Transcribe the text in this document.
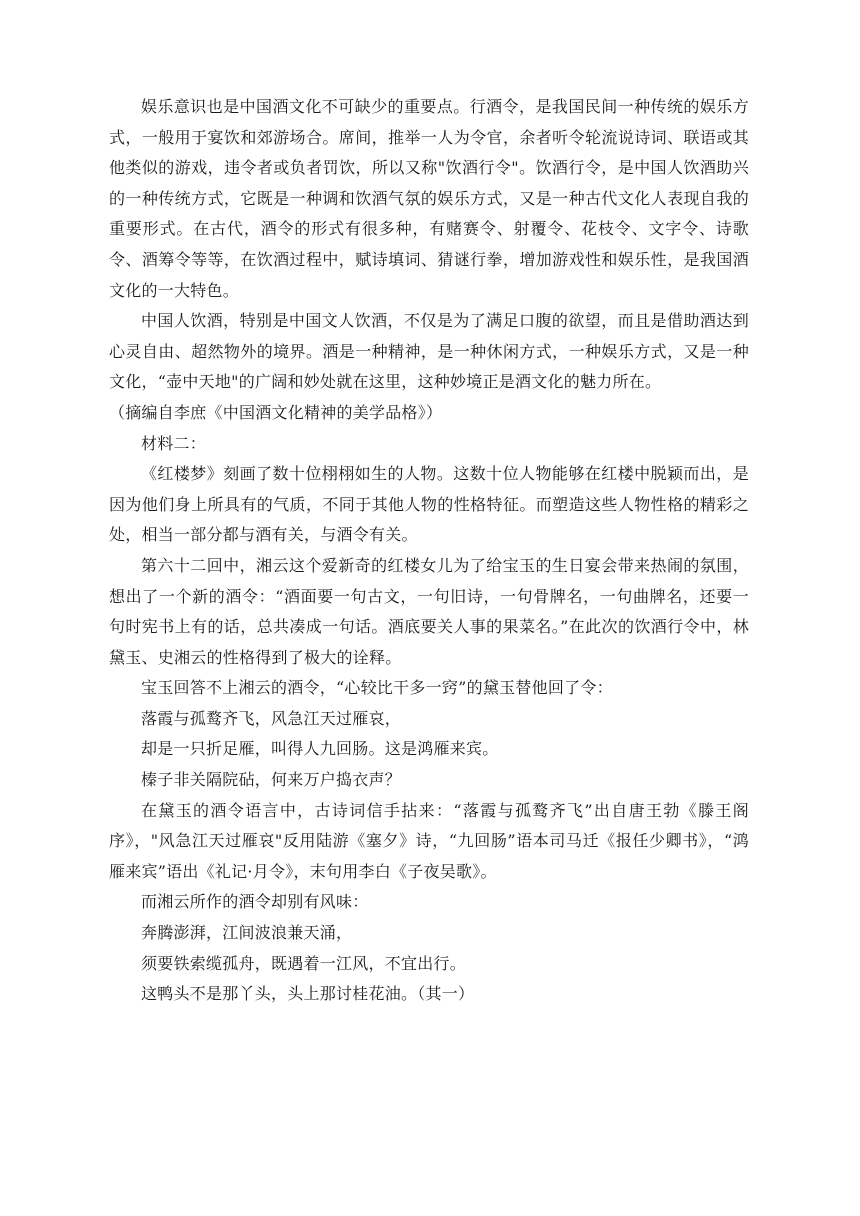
娱乐意识也是中国酒文化不可缺少的重要点。行酒令，是我国民间一种传统的娱乐方式，一般用于宴饮和郊游场合。席间，推举一人为令官，余者听令轮流说诗词、联语或其他类似的游戏，违令者或负者罚饮，所以又称"饮酒行令"。饮酒行令，是中国人饮酒助兴的一种传统方式，它既是一种调和饮酒气氛的娱乐方式，又是一种古代文化人表现自我的重要形式。在古代，酒令的形式有很多种，有赌赛令、射覆令、花枝令、文字令、诗歌令、酒筹令等等，在饮酒过程中，赋诗填词、猜谜行拳，增加游戏性和娱乐性，是我国酒文化的一大特色。

中国人饮酒，特别是中国文人饮酒，不仅是为了满足口腹的欲望，而且是借助酒达到心灵自由、超然物外的境界。酒是一种精神，是一种休闲方式，一种娱乐方式，又是一种文化，“壶中天地"的广阔和妙处就在这里，这种妙境正是酒文化的魅力所在。

（摘编自李庶《中国酒文化精神的美学品格》）

材料二：

《红楼梦》刻画了数十位栩栩如生的人物。这数十位人物能够在红楼中脱颖而出，是因为他们身上所具有的气质，不同于其他人物的性格特征。而塑造这些人物性格的精彩之处，相当一部分都与酒有关，与酒令有关。

第六十二回中，湘云这个爱新奇的红楼女儿为了给宝玉的生日宴会带来热闹的氛围，想出了一个新的酒令：“酒面要一句古文，一句旧诗，一句骨牌名，一句曲牌名，还要一句时宪书上有的话，总共凑成一句话。酒底要关人事的果菜名。”在此次的饮酒行令中，林黛玉、史湘云的性格得到了极大的诠释。

宝玉回答不上湘云的酒令，“心较比干多一窍”的黛玉替他回了令：

落霞与孤鹜齐飞，风急江天过雁哀，

却是一只折足雁，叫得人九回肠。这是鸿雁来宾。

榛子非关隔院砧，何来万户捣衣声？

在黛玉的酒令语言中，古诗词信手拈来：“落霞与孤鹜齐飞”出自唐王勃《滕王阁序》，"风急江天过雁哀"反用陆游《塞夕》诗，“九回肠”语本司马迁《报任少卿书》，“鸿雁来宾”语出《礼记·月令》，末句用李白《子夜吴歌》。

而湘云所作的酒令却别有风味：

奔腾澎湃，江间波浪兼天涌，

须要铁索缆孤舟，既遇着一江风，不宜出行。

这鸭头不是那丫头，头上那讨桂花油。（其一）
